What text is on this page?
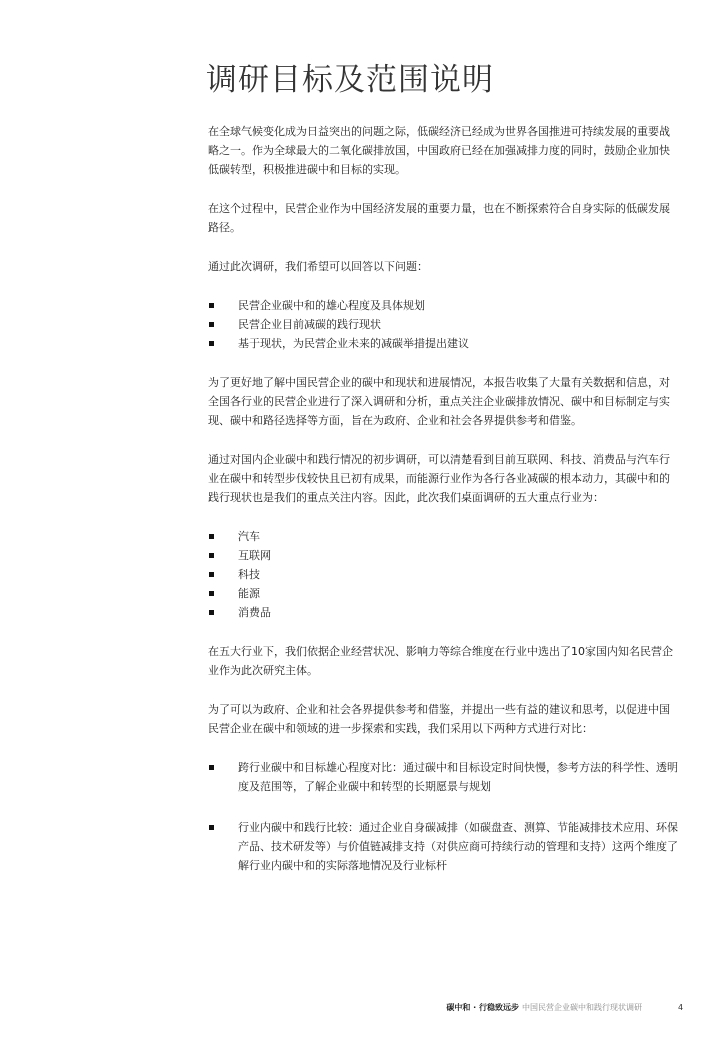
调研目标及范围说明

在全球气候变化成为日益突出的问题之际，低碳经济已经成为世界各国推进可持续发展的重要战略之一。作为全球最大的二氧化碳排放国，中国政府已经在加强减排力度的同时，鼓励企业加快低碳转型，积极推进碳中和目标的实现。

在这个过程中，民营企业作为中国经济发展的重要力量，也在不断探索符合自身实际的低碳发展路径。

通过此次调研，我们希望可以回答以下问题：

民营企业碳中和的雄心程度及具体规划
民营企业目前减碳的践行现状
基于现状，为民营企业未来的减碳举措提出建议

为了更好地了解中国民营企业的碳中和现状和进展情况，本报告收集了大量有关数据和信息，对全国各行业的民营企业进行了深入调研和分析，重点关注企业碳排放情况、碳中和目标制定与实现、碳中和路径选择等方面，旨在为政府、企业和社会各界提供参考和借鉴。

通过对国内企业碳中和践行情况的初步调研，可以清楚看到目前互联网、科技、消费品与汽车行业在碳中和转型步伐较快且已初有成果，而能源行业作为各行各业减碳的根本动力，其碳中和的践行现状也是我们的重点关注内容。因此，此次我们桌面调研的五大重点行业为：

汽车
互联网
科技
能源
消费品

在五大行业下，我们依据企业经营状况、影响力等综合维度在行业中选出了10家国内知名民营企业作为此次研究主体。

为了可以为政府、企业和社会各界提供参考和借鉴，并提出一些有益的建议和思考，以促进中国民营企业在碳中和领域的进一步探索和实践，我们采用以下两种方式进行对比：

跨行业碳中和目标雄心程度对比：通过碳中和目标设定时间快慢，参考方法的科学性、透明度及范围等，了解企业碳中和转型的长期愿景与规划
行业内碳中和践行比较：通过企业自身碳减排（如碳盘查、测算、节能减排技术应用、环保产品、技术研发等）与价值链减排支持（对供应商可持续行动的管理和支持）这两个维度了解行业内碳中和的实际落地情况及行业标杆
碳中和 · 行稳致远步 中国民营企业碳中和践行现状调研	4
